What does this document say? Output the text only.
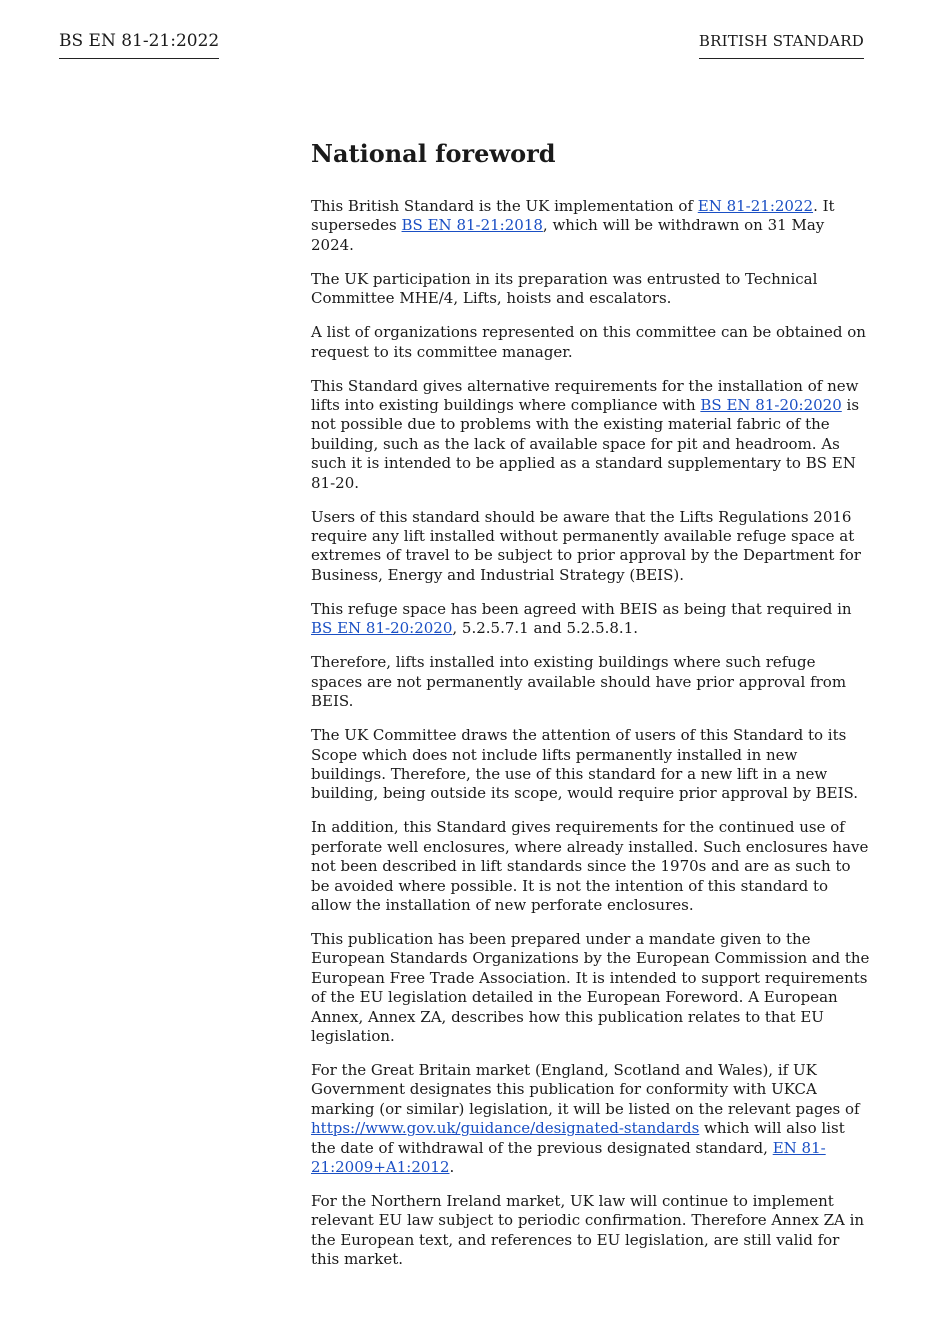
BS EN 81-21:2022	BRITISH STANDARD
National foreword

This British Standard is the UK implementation of EN 81-21:2022. It supersedes BS EN 81-21:2018, which will be withdrawn on 31 May 2024.

The UK participation in its preparation was entrusted to Technical Committee MHE/4, Lifts, hoists and escalators.

A list of organizations represented on this committee can be obtained on request to its committee manager.

This Standard gives alternative requirements for the installation of new lifts into existing buildings where compliance with BS EN 81-20:2020 is not possible due to problems with the existing material fabric of the building, such as the lack of available space for pit and headroom. As such it is intended to be applied as a standard supplementary to BS EN 81-20.

Users of this standard should be aware that the Lifts Regulations 2016 require any lift installed without permanently available refuge space at extremes of travel to be subject to prior approval by the Department for Business, Energy and Industrial Strategy (BEIS).

This refuge space has been agreed with BEIS as being that required in BS EN 81-20:2020, 5.2.5.7.1 and 5.2.5.8.1.

Therefore, lifts installed into existing buildings where such refuge spaces are not permanently available should have prior approval from BEIS.

The UK Committee draws the attention of users of this Standard to its Scope which does not include lifts permanently installed in new buildings. Therefore, the use of this standard for a new lift in a new building, being outside its scope, would require prior approval by BEIS.

In addition, this Standard gives requirements for the continued use of perforate well enclosures, where already installed. Such enclosures have not been described in lift standards since the 1970s and are as such to be avoided where possible. It is not the intention of this standard to allow the installation of new perforate enclosures.

This publication has been prepared under a mandate given to the European Standards Organizations by the European Commission and the European Free Trade Association. It is intended to support requirements of the EU legislation detailed in the European Foreword. A European Annex, Annex ZA, describes how this publication relates to that EU legislation.

For the Great Britain market (England, Scotland and Wales), if UK Government designates this publication for conformity with UKCA marking (or similar) legislation, it will be listed on the relevant pages of https://www.gov.uk/guidance/designated-standards which will also list the date of withdrawal of the previous designated standard, EN 81-21:2009+A1:2012.

For the Northern Ireland market, UK law will continue to implement relevant EU law subject to periodic confirmation. Therefore Annex ZA in the European text, and references to EU legislation, are still valid for this market.
